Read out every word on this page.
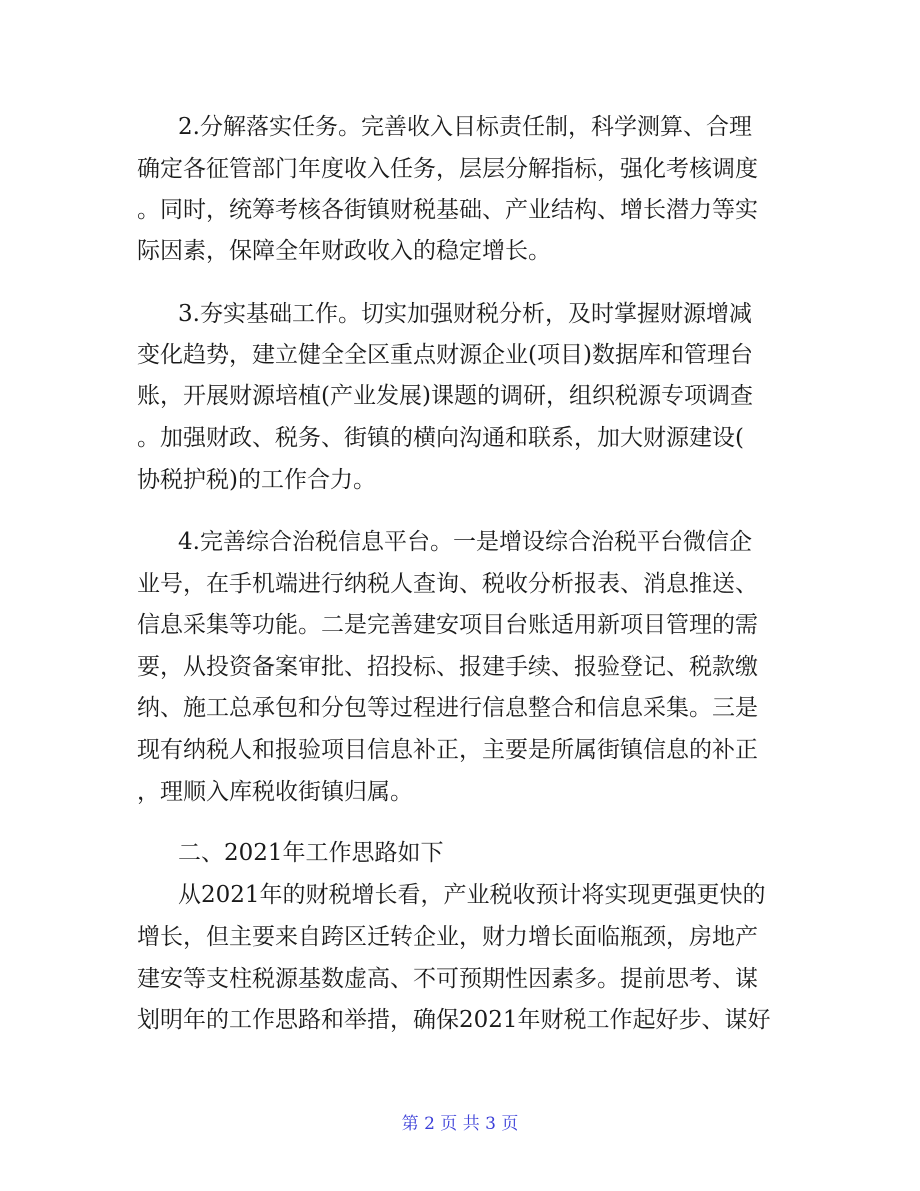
2.分解落实任务。完善收入目标责任制，科学测算、合理

确定各征管部门年度收入任务，层层分解指标，强化考核调度

。同时，统筹考核各街镇财税基础、产业结构、增长潜力等实

际因素，保障全年财政收入的稳定增长。

3.夯实基础工作。切实加强财税分析，及时掌握财源增减

变化趋势，建立健全全区重点财源企业(项目)数据库和管理台

账，开展财源培植(产业发展)课题的调研，组织税源专项调查

。加强财政、税务、街镇的横向沟通和联系，加大财源建设(

协税护税)的工作合力。

4.完善综合治税信息平台。一是增设综合治税平台微信企

业号，在手机端进行纳税人查询、税收分析报表、消息推送、

信息采集等功能。二是完善建安项目台账适用新项目管理的需

要，从投资备案审批、招投标、报建手续、报验登记、税款缴

纳、施工总承包和分包等过程进行信息整合和信息采集。三是

现有纳税人和报验项目信息补正，主要是所属街镇信息的补正

，理顺入库税收街镇归属。

二、2021年工作思路如下

从2021年的财税增长看，产业税收预计将实现更强更快的

增长，但主要来自跨区迁转企业，财力增长面临瓶颈，房地产

建安等支柱税源基数虚高、不可预期性因素多。提前思考、谋

划明年的工作思路和举措，确保2021年财税工作起好步、谋好

第 2 页 共 3 页
